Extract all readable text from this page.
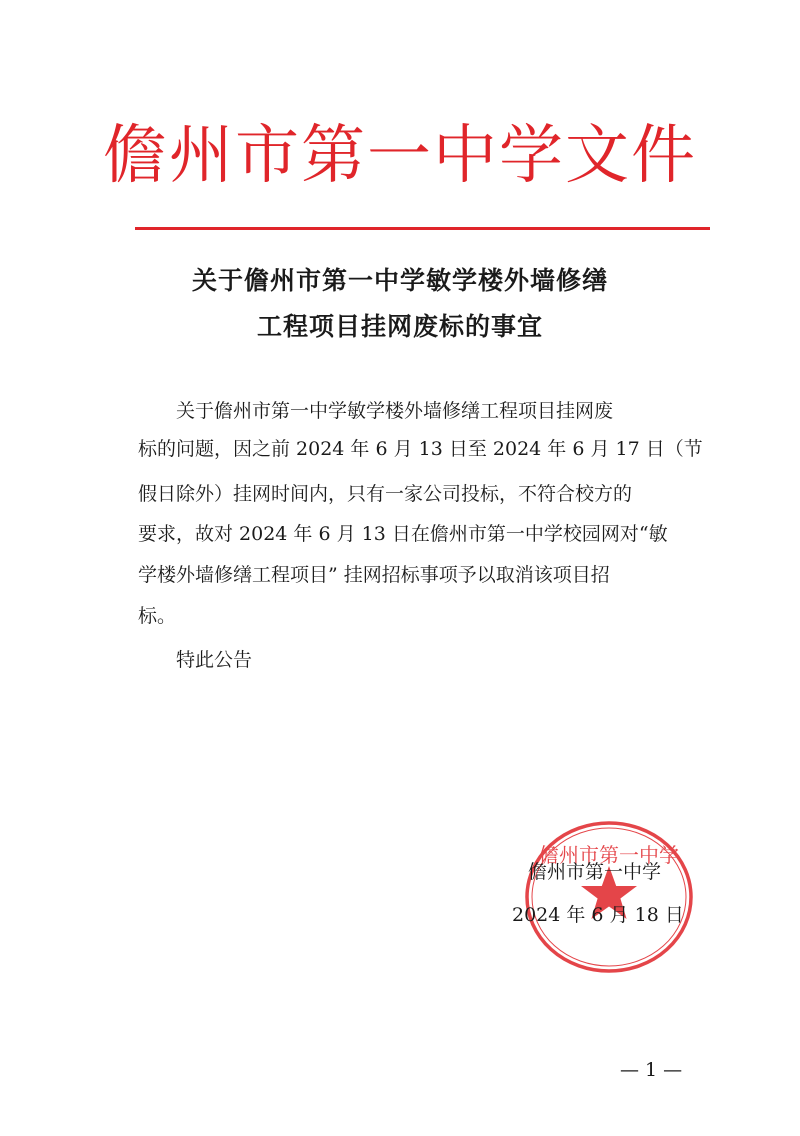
儋州市第一中学文件
关于儋州市第一中学敏学楼外墙修缮
工程项目挂网废标的事宜
关于儋州市第一中学敏学楼外墙修缮工程项目挂网废
标的问题，因之前 2024 年 6 月 13 日至 2024 年 6 月 17 日（节
假日除外）挂网时间内，只有一家公司投标，不符合校方的
要求，故对 2024 年 6 月 13 日在儋州市第一中学校园网对“敏
学楼外墙修缮工程项目” 挂网招标事项予以取消该项目招
标。
特此公告
儋州市第一中学
儋州市第一中学
2024 年 6 月 18 日
— 1 —
